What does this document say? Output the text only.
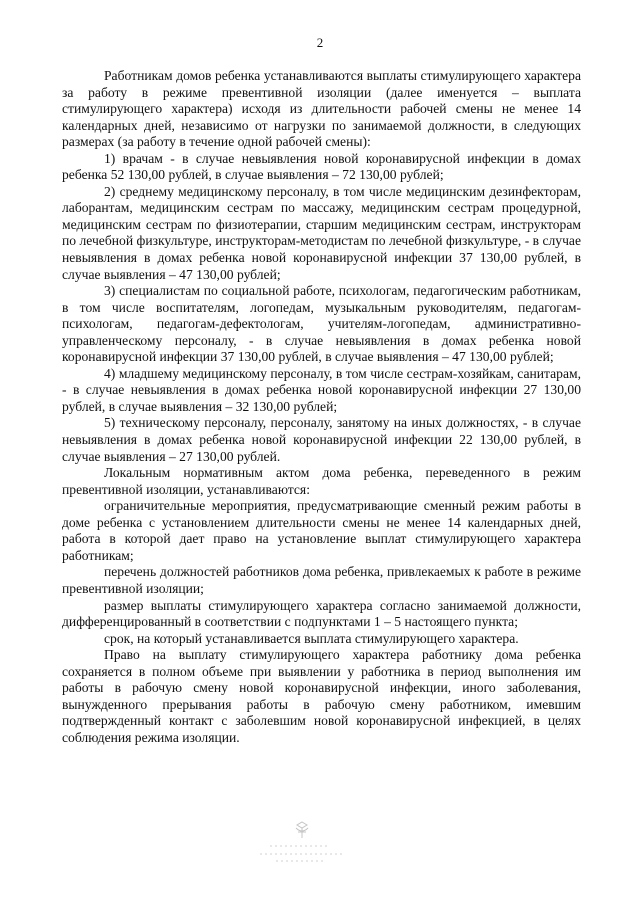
2

Работникам домов ребенка устанавливаются выплаты стимулирующего характера за работу в режиме превентивной изоляции (далее именуется – выплата стимулирующего характера) исходя из длительности рабочей смены не менее 14 календарных дней, независимо от нагрузки по занимаемой должности, в следующих размерах (за работу в течение одной рабочей смены):

1) врачам - в случае невыявления новой коронавирусной инфекции в домах ребенка 52 130,00 рублей, в случае выявления – 72 130,00 рублей;

2) среднему медицинскому персоналу, в том числе медицинским дезинфекторам, лаборантам, медицинским сестрам по массажу, медицинским сестрам процедурной, медицинским сестрам по физиотерапии, старшим медицинским сестрам, инструкторам по лечебной физкультуре, инструкторам-методистам по лечебной физкультуре, - в случае невыявления в домах ребенка новой коронавирусной инфекции 37 130,00 рублей, в случае выявления – 47 130,00 рублей;

3) специалистам по социальной работе, психологам, педагогическим работникам, в том числе воспитателям, логопедам, музыкальным руководителям, педагогам-психологам, педагогам-дефектологам, учителям-логопедам, административно-управленческому персоналу, - в случае невыявления в домах ребенка новой коронавирусной инфекции 37 130,00 рублей, в случае выявления – 47 130,00 рублей;

4) младшему медицинскому персоналу, в том числе сестрам-хозяйкам, санитарам, - в случае невыявления в домах ребенка новой коронавирусной инфекции 27 130,00 рублей, в случае выявления – 32 130,00 рублей;

5) техническому персоналу, персоналу, занятому на иных должностях, - в случае невыявления в домах ребенка новой коронавирусной инфекции 22 130,00 рублей, в случае выявления – 27 130,00 рублей.

Локальным нормативным актом дома ребенка, переведенного в режим превентивной изоляции, устанавливаются:

ограничительные мероприятия, предусматривающие сменный режим работы в доме ребенка с установлением длительности смены не менее 14 календарных дней, работа в которой дает право на установление выплат стимулирующего характера работникам;

перечень должностей работников дома ребенка, привлекаемых к работе в режиме превентивной изоляции;

размер выплаты стимулирующего характера согласно занимаемой должности, дифференцированный в соответствии с подпунктами 1 – 5 настоящего пункта;

срок, на который устанавливается выплата стимулирующего характера.

Право на выплату стимулирующего характера работнику дома ребенка сохраняется в полном объеме при выявлении у работника в период выполнения им работы в рабочую смену новой коронавирусной инфекции, иного заболевания, вынужденного прерывания работы в рабочую смену работником, имевшим подтвержденный контакт с заболевшим новой коронавирусной инфекцией, в целях соблюдения режима изоляции.
